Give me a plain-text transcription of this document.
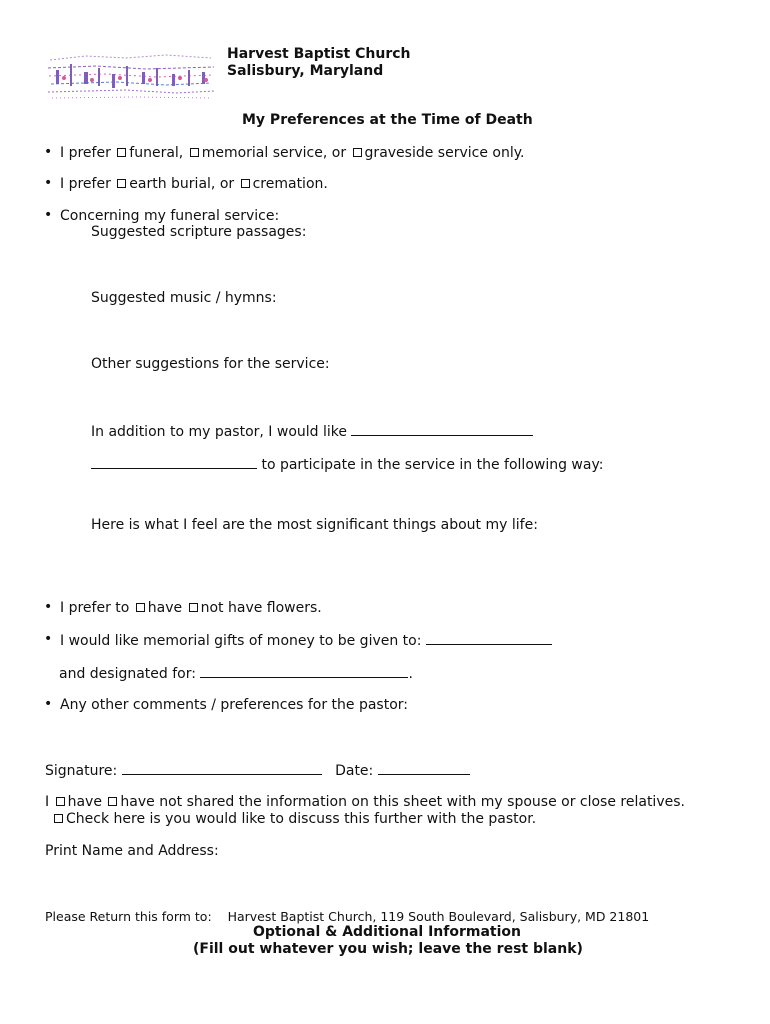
Harvest Baptist Church
Salisbury, Maryland
My Preferences at the Time of Death
• I prefer funeral, memorial service, or graveside service only.
• I prefer earth burial, or cremation.
• Concerning my funeral service:
Suggested scripture passages:
Suggested music / hymns:
Other suggestions for the service:
In addition to my pastor, I would like
to participate in the service in the following way:
Here is what I feel are the most significant things about my life:
• I prefer to have not have flowers.
• I would like memorial gifts of money to be given to:
and designated for:	.
• Any other comments / preferences for the pastor:
Signature:	Date:
I have have not shared the information on this sheet with my spouse or close relatives.
Check here is you would like to discuss this further with the pastor.
Print Name and Address:
Please Return this form to: Harvest Baptist Church, 119 South Boulevard, Salisbury, MD 21801
Optional & Additional Information
(Fill out whatever you wish; leave the rest blank)
